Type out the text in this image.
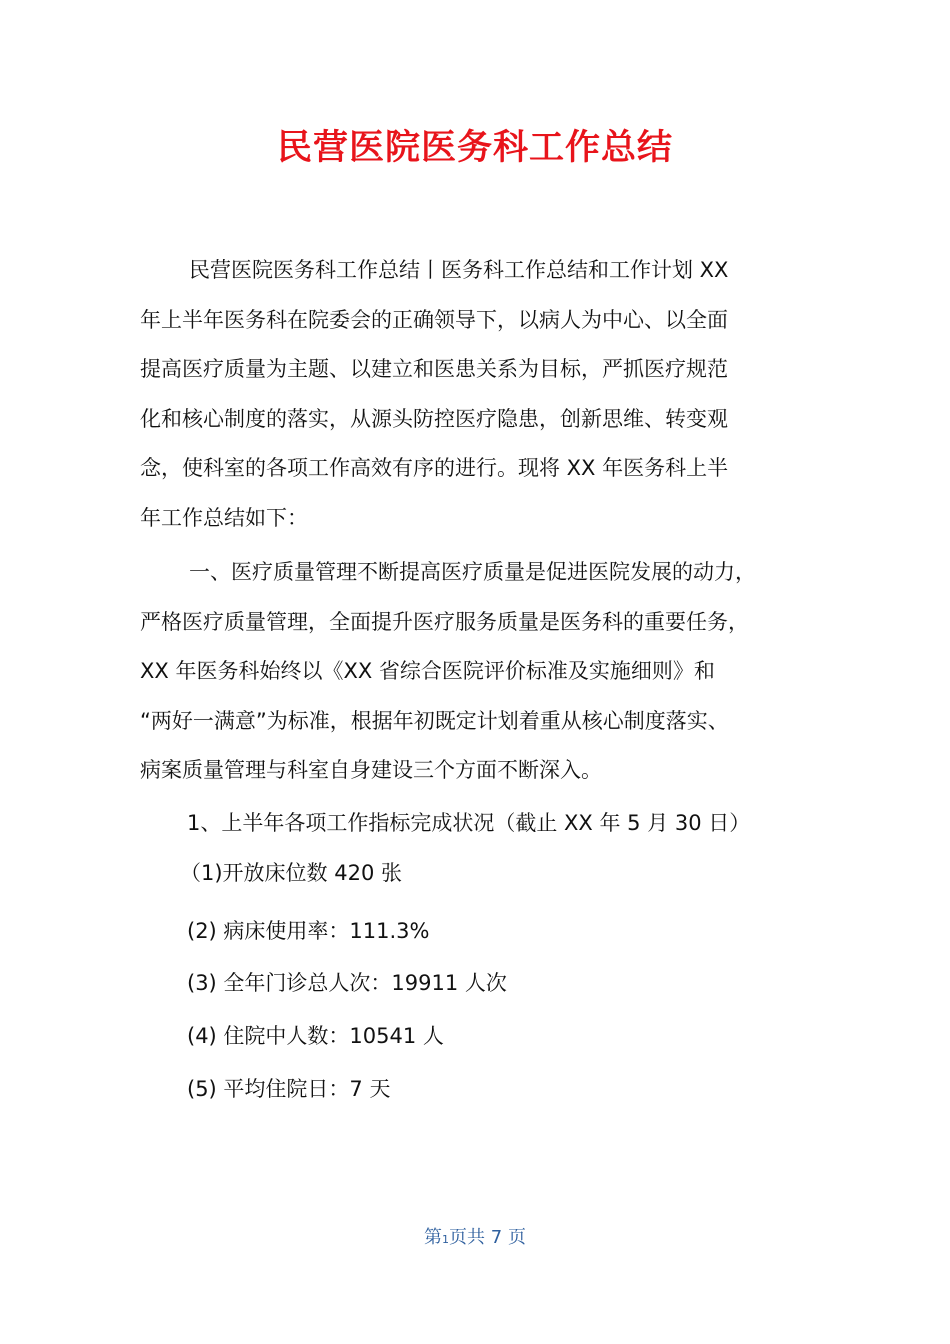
民营医院医务科工作总结
民营医院医务科工作总结丨医务科工作总结和工作计划 XX
年上半年医务科在院委会的正确领导下，以病人为中心、以全面
提高医疗质量为主题、以建立和医患关系为目标，严抓医疗规范
化和核心制度的落实，从源头防控医疗隐患，创新思维、转变观
念，使科室的各项工作高效有序的进行。现将 XX 年医务科上半
年工作总结如下：
一、医疗质量管理不断提高医疗质量是促进医院发展的动力，
严格医疗质量管理，全面提升医疗服务质量是医务科的重要任务，
XX 年医务科始终以《XX 省综合医院评价标准及实施细则》和
“两好一满意”为标准，根据年初既定计划着重从核心制度落实、
病案质量管理与科室自身建设三个方面不断深入。
1、上半年各项工作指标完成状况（截止 XX 年 5 月 30 日）
（1)开放床位数 420 张
(2) 病床使用率：111.3%
(3) 全年门诊总人次：19911 人次
(4) 住院中人数：10541 人
(5) 平均住院日：7 天
第1页共 7 页
